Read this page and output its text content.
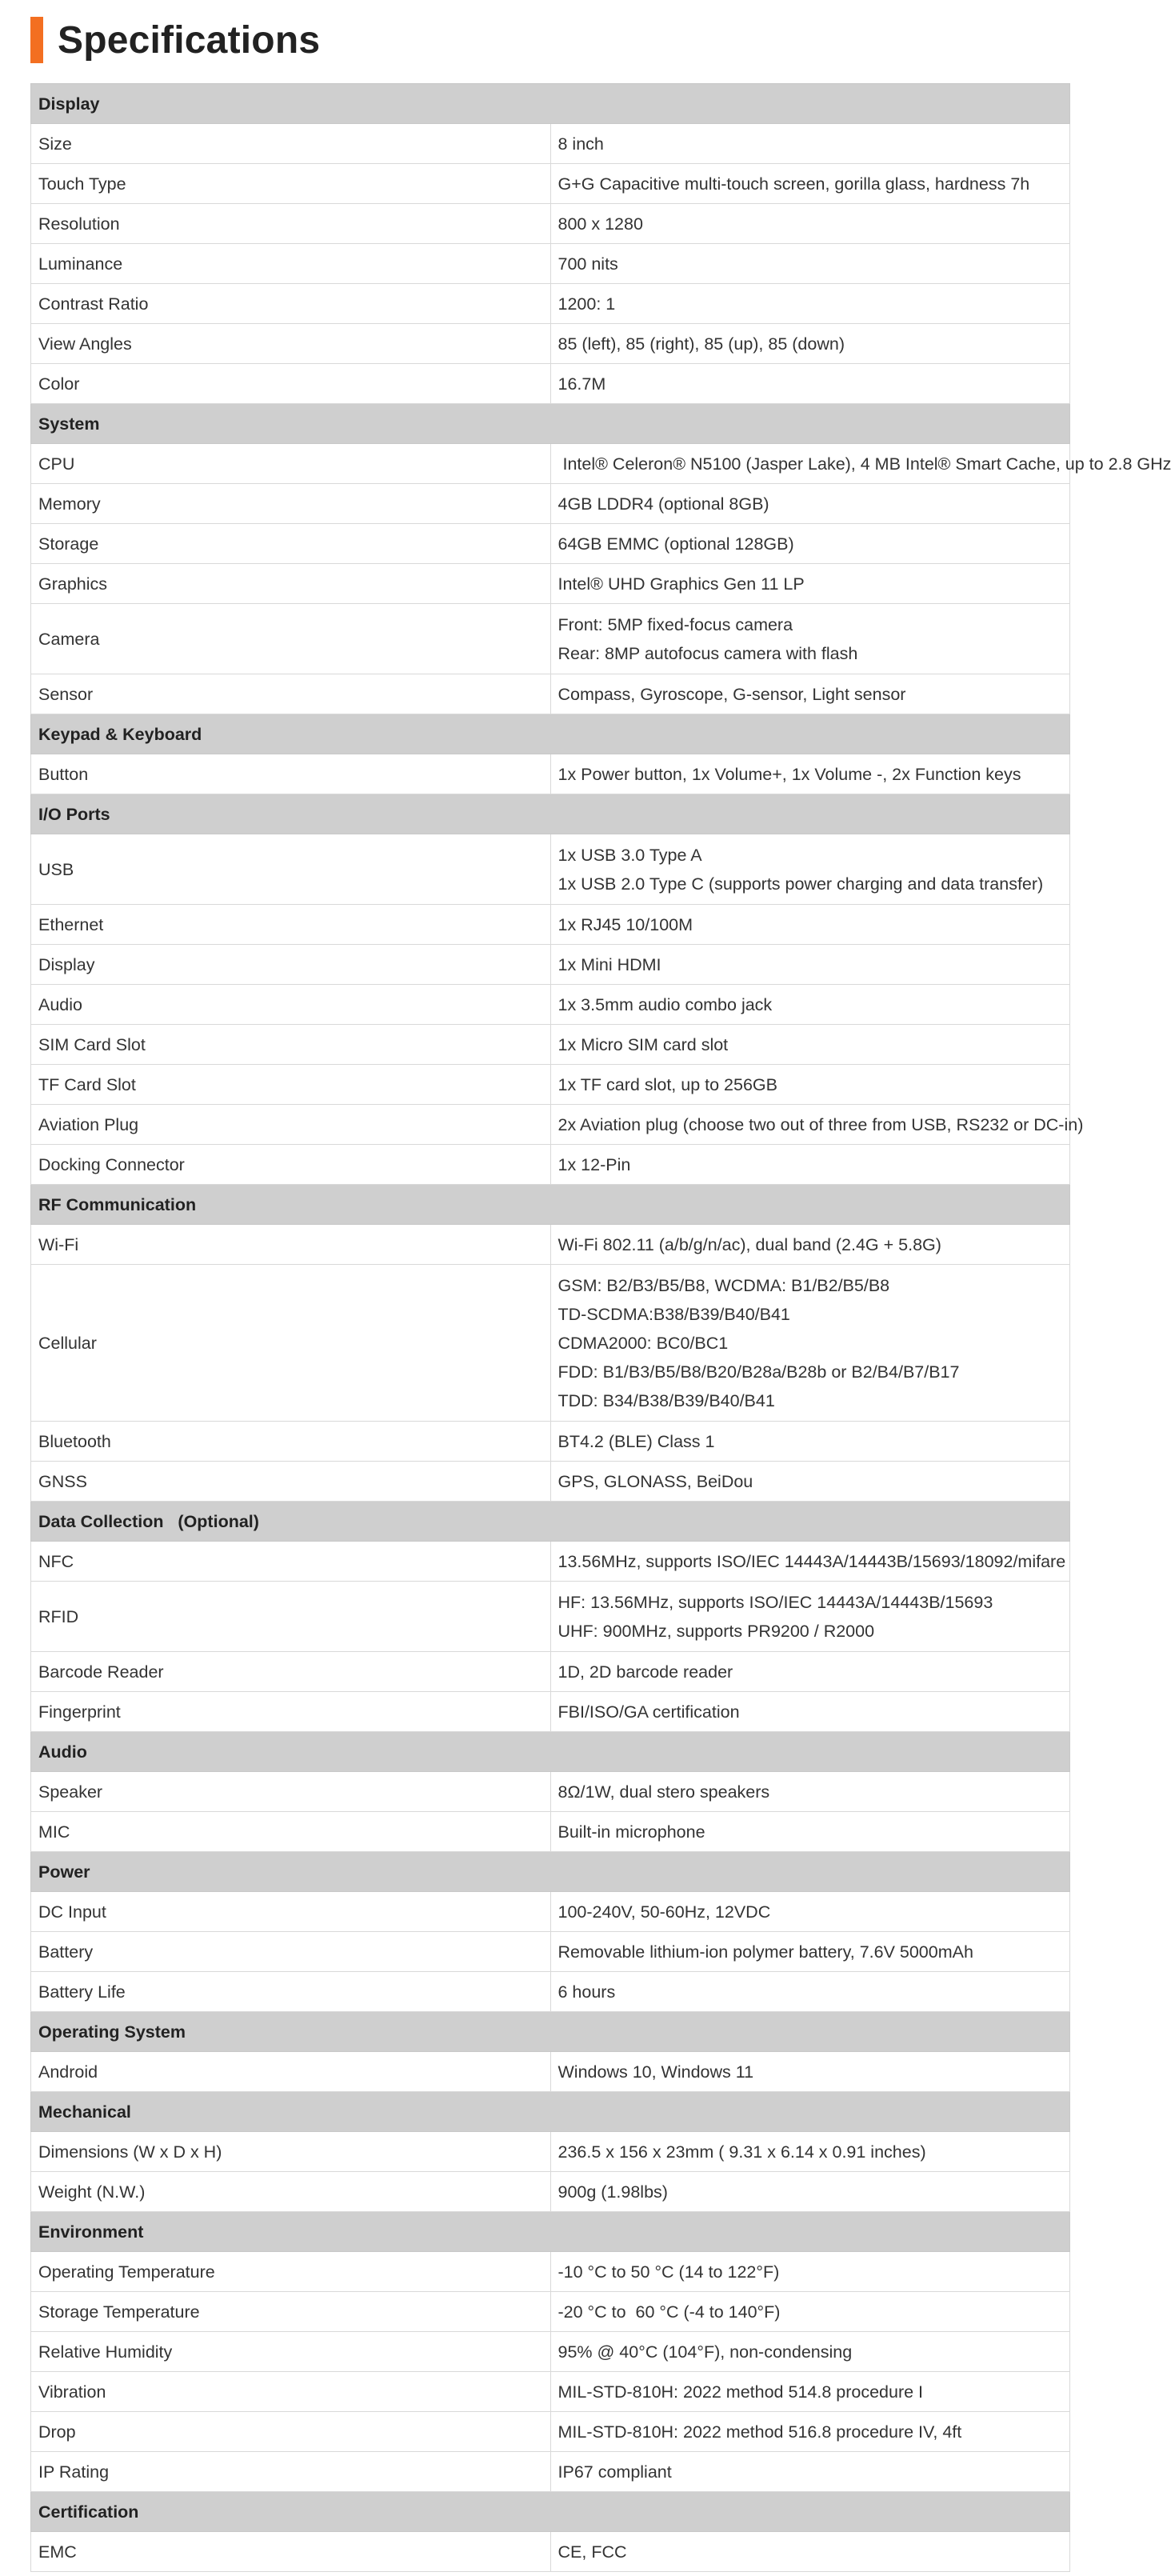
Specifications
Display	
Size	8 inch

Touch Type	G+G Capacitive multi-touch screen, gorilla glass, hardness 7h

Resolution	800 x 1280

Luminance	700 nits

Contrast Ratio	1200: 1

View Angles	85 (left), 85 (right), 85 (up), 85 (down)

Color	16.7M

System	
CPU	Intel® Celeron® N5100 (Jasper Lake), 4 MB Intel® Smart Cache, up to 2.8 GHz

Memory	4GB LDDR4 (optional 8GB)

Storage	64GB EMMC (optional 128GB)

Graphics	Intel® UHD Graphics Gen 11 LP

Camera	Front: 5MP fixed-focus camera
Rear: 8MP autofocus camera with flash

Sensor	Compass, Gyroscope, G-sensor, Light sensor

Keypad & Keyboard	
Button	1x Power button, 1x Volume+, 1x Volume -, 2x Function keys

I/O Ports	
USB	1x USB 3.0 Type A
1x USB 2.0 Type C (supports power charging and data transfer)

Ethernet	1x RJ45 10/100M

Display	1x Mini HDMI

Audio	1x 3.5mm audio combo jack

SIM Card Slot	1x Micro SIM card slot

TF Card Slot	1x TF card slot, up to 256GB

Aviation Plug	2x Aviation plug (choose two out of three from USB, RS232 or DC-in)

Docking Connector	1x 12-Pin

RF Communication	
Wi-Fi	Wi-Fi 802.11 (a/b/g/n/ac), dual band (2.4G + 5.8G)

Cellular	GSM: B2/B3/B5/B8, WCDMA: B1/B2/B5/B8
TD-SCDMA:B38/B39/B40/B41
CDMA2000: BC0/BC1
FDD: B1/B3/B5/B8/B20/B28a/B28b or B2/B4/B7/B17
TDD: B34/B38/B39/B40/B41

Bluetooth	BT4.2 (BLE) Class 1

GNSS	GPS, GLONASS, BeiDou

Data Collection   (Optional)	
NFC	13.56MHz, supports ISO/IEC 14443A/14443B/15693/18092/mifare

RFID	HF: 13.56MHz, supports ISO/IEC 14443A/14443B/15693
UHF: 900MHz, supports PR9200 / R2000

Barcode Reader	1D, 2D barcode reader

Fingerprint	FBI/ISO/GA certification

Audio	
Speaker	8Ω/1W, dual stero speakers

MIC	Built-in microphone

Power	
DC Input	100-240V, 50-60Hz, 12VDC

Battery	Removable lithium-ion polymer battery, 7.6V 5000mAh

Battery Life	6 hours

Operating System	
Android	Windows 10, Windows 11

Mechanical	
Dimensions (W x D x H)	236.5 x 156 x 23mm ( 9.31 x 6.14 x 0.91 inches)

Weight (N.W.)	900g (1.98lbs)

Environment	
Operating Temperature	-10 °C to 50 °C (14 to 122°F)

Storage Temperature	-20 °C to  60 °C (-4 to 140°F)

Relative Humidity	95% @ 40°C (104°F), non-condensing

Vibration	MIL-STD-810H: 2022 method 514.8 procedure I

Drop	MIL-STD-810H: 2022 method 516.8 procedure IV, 4ft

IP Rating	IP67 compliant

Certification	
EMC	CE, FCC
